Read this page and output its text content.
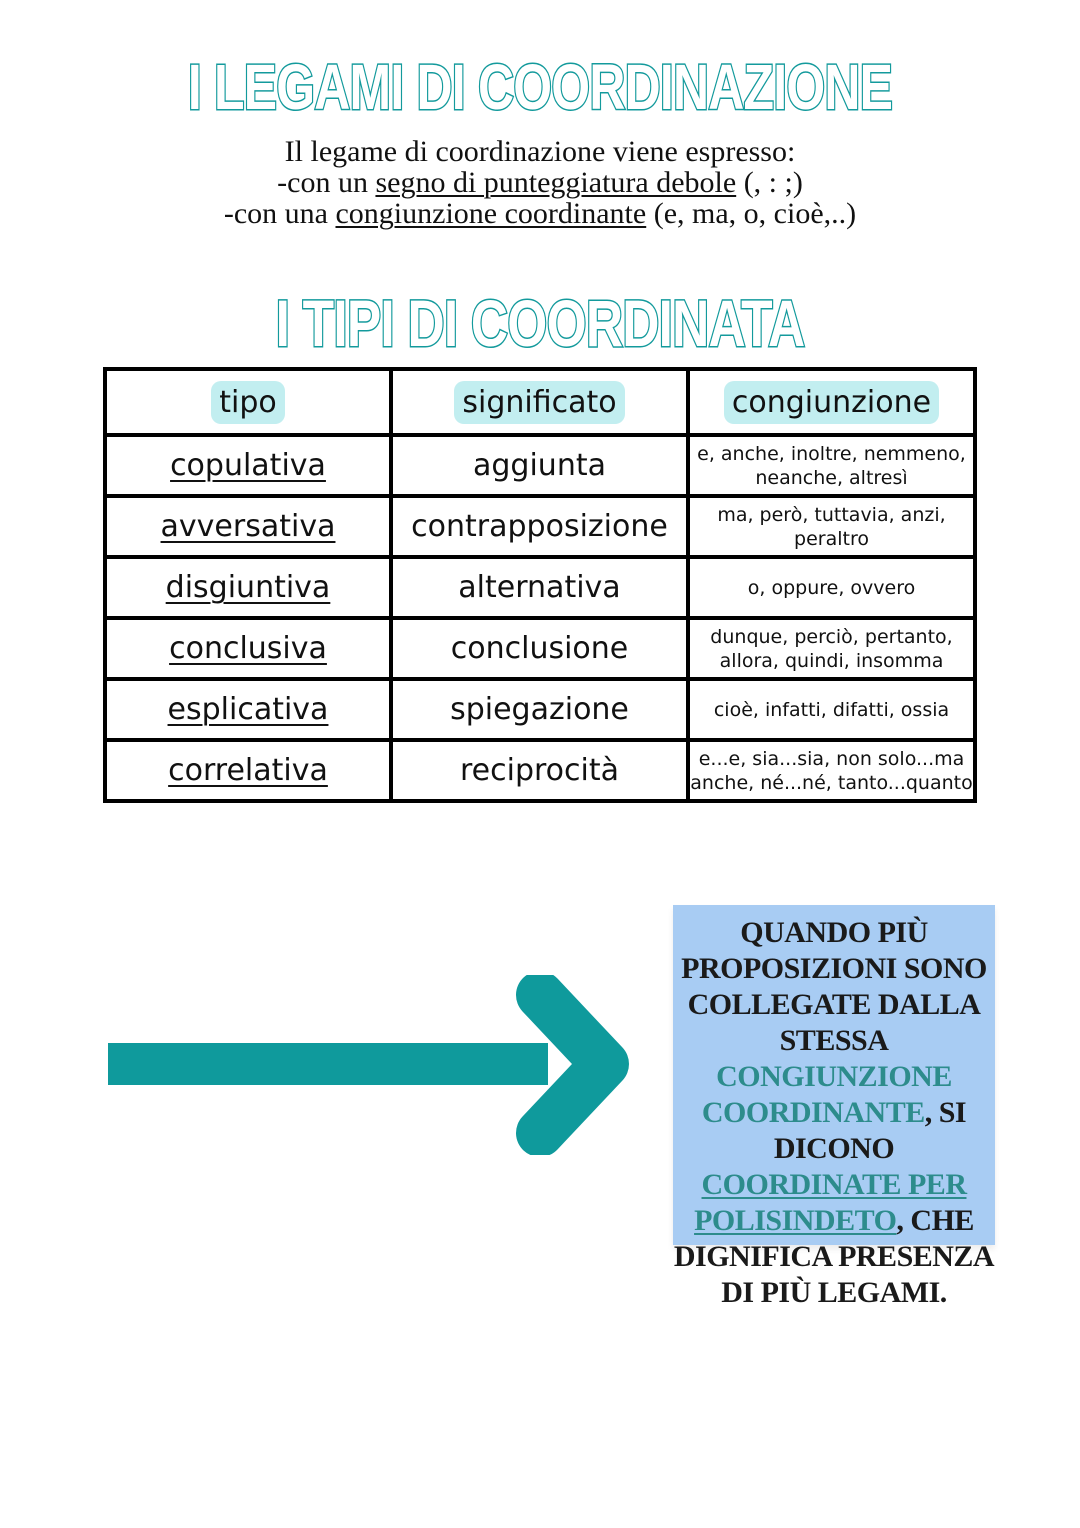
I LEGAMI DI COORDINAZIONE
Il legame di coordinazione viene espresso:
-con un segno di punteggiatura debole (, : ;)
-con una congiunzione coordinante (e, ma, o, cioè,..)
I TIPI DI COORDINATA
tipo	significato	congiunzione
copulativa	aggiunta	e, anche, inoltre, nemmeno, neanche, altresì

avversativa	contrapposizione	ma, però, tuttavia, anzi, peraltro

disgiuntiva	alternativa	o, oppure, ovvero

conclusiva	conclusione	dunque, perciò, pertanto, allora, quindi, insomma

esplicativa	spiegazione	cioè, infatti, difatti, ossia

correlativa	reciprocità	e...e, sia...sia, non solo...ma anche, né...né, tanto...quanto
QUANDO PIÙ PROPOSIZIONI SONO COLLEGATE DALLA STESSA CONGIUNZIONE COORDINANTE, SI DICONO COORDINATE PER POLISINDETO, CHE DIGNIFICA PRESENZA DI PIÙ LEGAMI.
